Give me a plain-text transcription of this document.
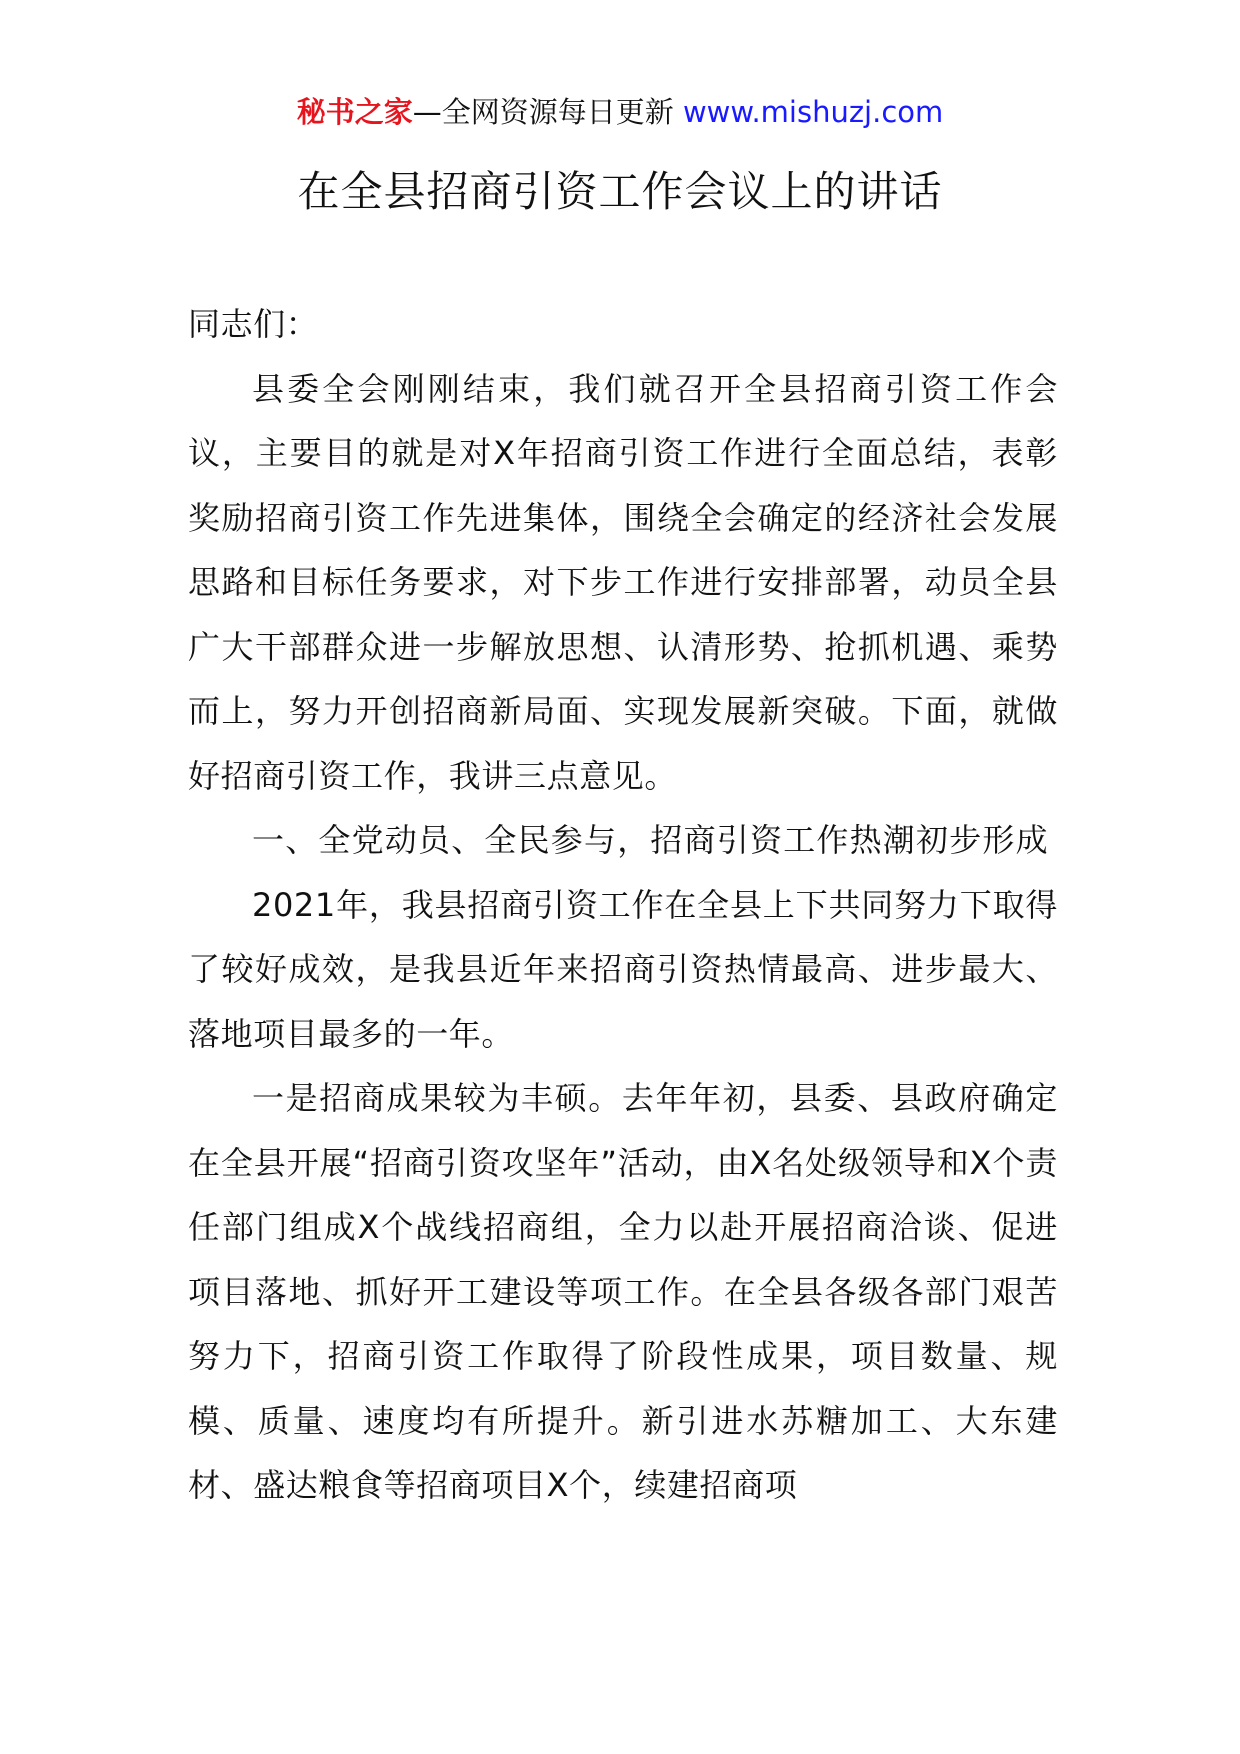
秘书之家—全网资源每日更新 www.mishuzj.com
在全县招商引资工作会议上的讲话

同志们：

县委全会刚刚结束，我们就召开全县招商引资工作会议，主要目的就是对X年招商引资工作进行全面总结，表彰奖励招商引资工作先进集体，围绕全会确定的经济社会发展思路和目标任务要求，对下步工作进行安排部署，动员全县广大干部群众进一步解放思想、认清形势、抢抓机遇、乘势而上，努力开创招商新局面、实现发展新突破。下面，就做好招商引资工作，我讲三点意见。

一、全党动员、全民参与，招商引资工作热潮初步形成

2021年，我县招商引资工作在全县上下共同努力下取得了较好成效，是我县近年来招商引资热情最高、进步最大、落地项目最多的一年。

一是招商成果较为丰硕。去年年初，县委、县政府确定在全县开展“招商引资攻坚年”活动，由X名处级领导和X个责任部门组成X个战线招商组，全力以赴开展招商洽谈、促进项目落地、抓好开工建设等项工作。在全县各级各部门艰苦努力下，招商引资工作取得了阶段性成果，项目数量、规模、质量、速度均有所提升。新引进水苏糖加工、大东建材、盛达粮食等招商项目X个，续建招商项
